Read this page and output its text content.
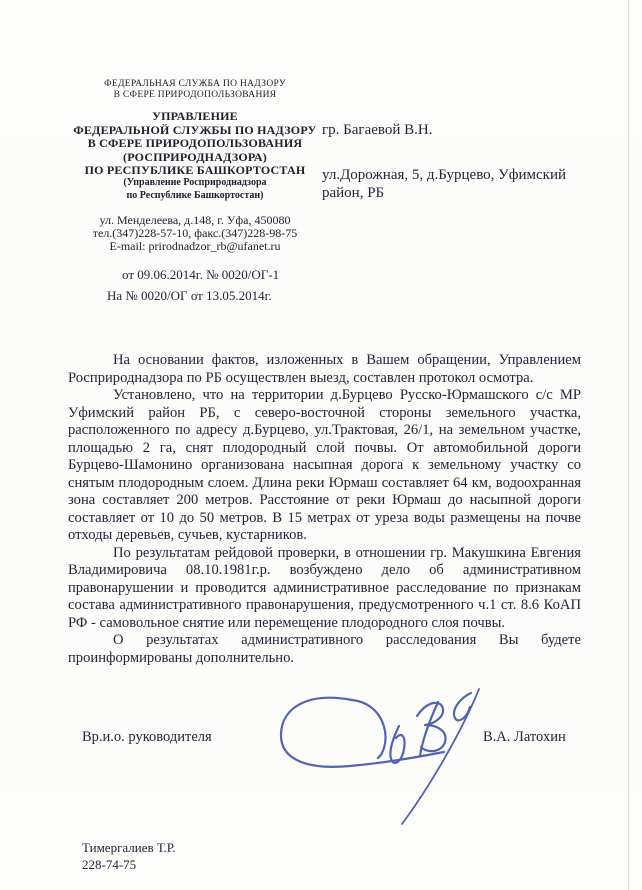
ФЕДЕРАЛЬНАЯ СЛУЖБА ПО НАДЗОРУ
В СФЕРЕ ПРИРОДОПОЛЬЗОВАНИЯ
УПРАВЛЕНИЕ
ФЕДЕРАЛЬНОЙ СЛУЖБЫ ПО НАДЗОРУ
В СФЕРЕ ПРИРОДОПОЛЬЗОВАНИЯ
(РОСПРИРОДНАДЗОРА)
ПО РЕСПУБЛИКЕ БАШКОРТОСТАН
(Управление Росприроднадзора
по Республике Башкортостан)
ул. Менделеева, д.148, г. Уфа, 450080
тел.(347)228-57-10, факс.(347)228-98-75
E-mail: prirodnadzor_rb@ufanet.ru
от 09.06.2014г. № 0020/ОГ-1
На № 0020/ОГ от 13.05.2014г.
гр. Багаевой В.Н.
ул.Дорожная, 5, д.Бурцево, Уфимский район, РБ

На основании фактов, изложенных в Вашем обращении, Управлением Росприроднадзора по РБ осуществлен выезд, составлен протокол осмотра.

Установлено, что на территории д.Бурцево Русско-Юрмашского с/с МР Уфимский район РБ, с северо-восточной стороны земельного участка, расположенного по адресу д.Бурцево, ул.Трактовая, 26/1, на земельном участке, площадью 2 га, снят плодородный слой почвы. От автомобильной дороги Бурцево-Шамонино организована насыпная дорога к земельному участку со снятым плодородным слоем. Длина реки Юрмаш составляет 64 км, водоохранная зона составляет 200 метров. Расстояние от реки Юрмаш до насыпной дороги составляет от 10 до 50 метров. В 15 метрах от уреза воды размещены на почве отходы деревьев, сучьев, кустарников.

По результатам рейдовой проверки, в отношении гр. Макушкина Евгения Владимировича 08.10.1981г.р. возбуждено дело об административном правонарушении и проводится административное расследование по признакам состава административного правонарушения, предусмотренного ч.1 ст. 8.6 КоАП РФ - самовольное снятие или перемещение плодородного слоя почвы.

О результатах административного расследования Вы будете проинформированы дополнительно.

Вр.и.о. руководителя	В.А. Латохин
Тимергалиев Т.Р.
228-74-75
